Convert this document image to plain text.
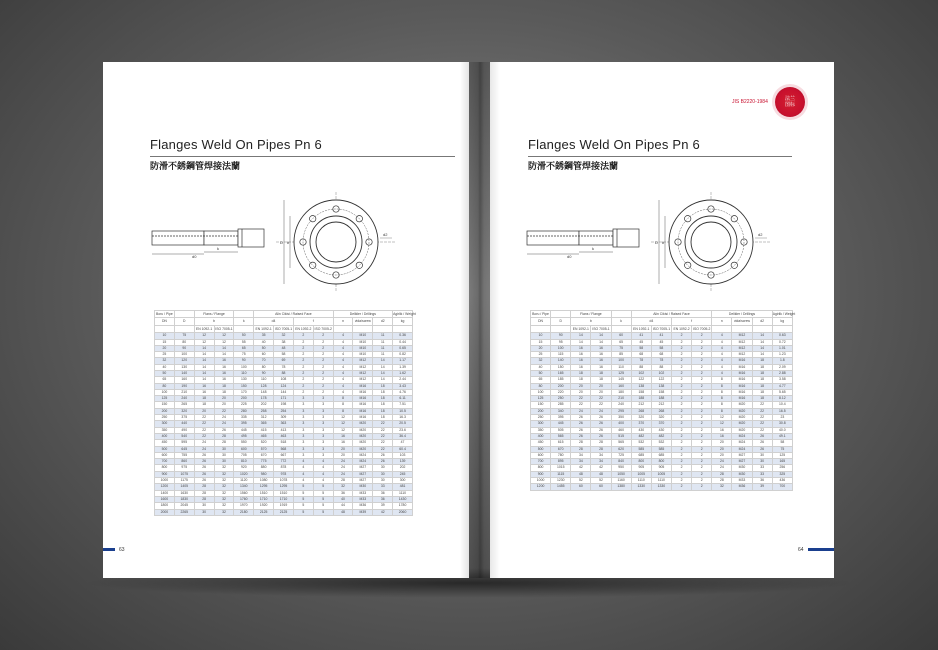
Flanges Weld On Pipes Pn 6
防滑不銹鋼管焊接法蘭
k
d0
D b
d2
Boru / Pipe		Flans / Flange			Alin Cikisi / Raised Face				Delikler / Drillings			Agirlik / Weight
DN	D	b		k	d4		f		n	vida/screw	d2	kg
		EN 1092-1	ISO 7005-1		EN 1092-1	ISO 7005-1	EN 1092-2	ISO 7005-2				
10	75	12	12	50	35	32	2	2	4	M10	11	0.36
15	80	12	12	55	40	38	2	2	4	M10	11	0.44
20	90	14	14	65	50	48	2	2	4	M10	11	0.65
25	100	14	14	75	60	58	2	2	4	M10	11	0.82
32	120	14	16	90	70	69	2	2	4	M12	14	1.17
40	130	14	16	100	80	78	2	2	4	M12	14	1.39
50	140	14	16	110	90	88	2	2	4	M12	14	1.62
65	160	14	16	130	110	108	2	2	4	M12	14	2.44
80	190	16	18	150	128	124	2	2	4	M16	18	3.43
100	210	16	18	170	148	144	2	2	4	M16	18	4.76
125	240	18	20	200	178	171	3	3	8	M16	18	6.11
150	265	18	20	225	202	198	3	3	8	M16	18	7.51
200	320	20	22	280	258	254	3	3	8	M16	18	10.5
250	375	22	24	335	312	309	3	3	12	M16	18	16.3
300	440	22	24	395	365	363	3	3	12	M20	22	20.5
350	490	22	26	445	415	413	3	3	12	M20	22	23.6
400	540	22	28	495	465	463	3	3	16	M20	22	36.4
450	595	24	28	550	520	518	3	3	16	M20	22	47
500	645	24	30	600	570	568	3	3	20	M20	22	60.4
600	755	26	30	705	670	667	3	3	20	M24	26	103
700	860	26	30	810	775	772	4	4	24	M24	26	139
800	975	26	32	920	880	878	4	4	24	M27	30	202
900	1075	26	32	1020	980	978	4	4	24	M27	30	245
1000	1175	26	32	1120	1080	1078	4	4	28	M27	30	300
1200	1405	28	32	1340	1295	1295	5	5	32	M30	33	481
1400	1630	28	32	1560	1510	1510	5	5	36	M33	36	1110
1600	1830	28	32	1760	1710	1710	5	5	40	M33	36	1430
1800	2045	30	32	1970	1920	1919	5	5	44	M36	39	1780
2000	2265	30	32	2180	2125	2125	5	5	48	M39	42	2060
63
JIS B2220-1984	法兰
图标
Flanges Weld On Pipes Pn 6
防滑不銹鋼管焊接法蘭
k
d0
D b
d2
Boru / Pipe		Flans / Flange			Alin Cikisi / Raised Face				Delikler / Drillings			Agirlik / Weight
DN	D	b		k	d4		f		n	vida/screw	d2	kg
		EN 1092-1	ISO 7005-1		EN 1092-1	ISO 7005-1	EN 1092-2	ISO 7005-2				
10	90	14	14	60	41	41	2	2	4	M12	14	0.63
15	95	14	14	65	45	45	2	2	4	M12	14	0.72
20	100	16	16	75	58	58	2	2	4	M12	14	1.01
25	115	16	16	85	68	68	2	2	4	M12	14	1.23
32	140	16	16	100	78	78	2	2	4	M16	18	1.8
40	150	16	16	110	88	88	2	2	4	M16	18	2.09
50	165	18	18	125	102	102	2	2	4	M16	18	2.88
65	185	18	18	145	122	122	2	2	8	M16	18	3.58
80	200	20	20	160	138	138	2	2	8	M16	18	4.77
100	220	20	20	180	158	158	2	2	8	M16	18	5.65
125	250	22	22	210	188	188	2	2	8	M16	18	8.12
150	285	22	22	240	212	212	2	2	8	M20	22	10.4
200	340	24	24	295	268	268	2	2	8	M20	22	16.5
250	395	26	26	350	320	320	2	2	12	M20	22	23
300	445	26	26	400	370	370	2	2	12	M20	22	30.8
350	505	26	26	460	430	430	2	2	16	M20	22	40.0
400	565	26	26	515	482	482	2	2	16	M24	26	49.1
450	615	28	28	565	532	532	2	2	20	M24	26	58
500	670	28	28	620	585	585	2	2	20	M24	26	75
600	780	34	34	725	685	685	2	2	20	M27	30	125
700	895	34	34	840	800	800	2	2	24	M27	30	165
800	1015	42	42	950	905	905	2	2	24	M30	33	256
900	1115	48	48	1050	1005	1005	2	2	28	M30	33	325
1000	1230	52	52	1160	1110	1110	2	2	28	M33	36	436
1200	1455	60	60	1380	1330	1330	2	2	32	M36	39	700
64
